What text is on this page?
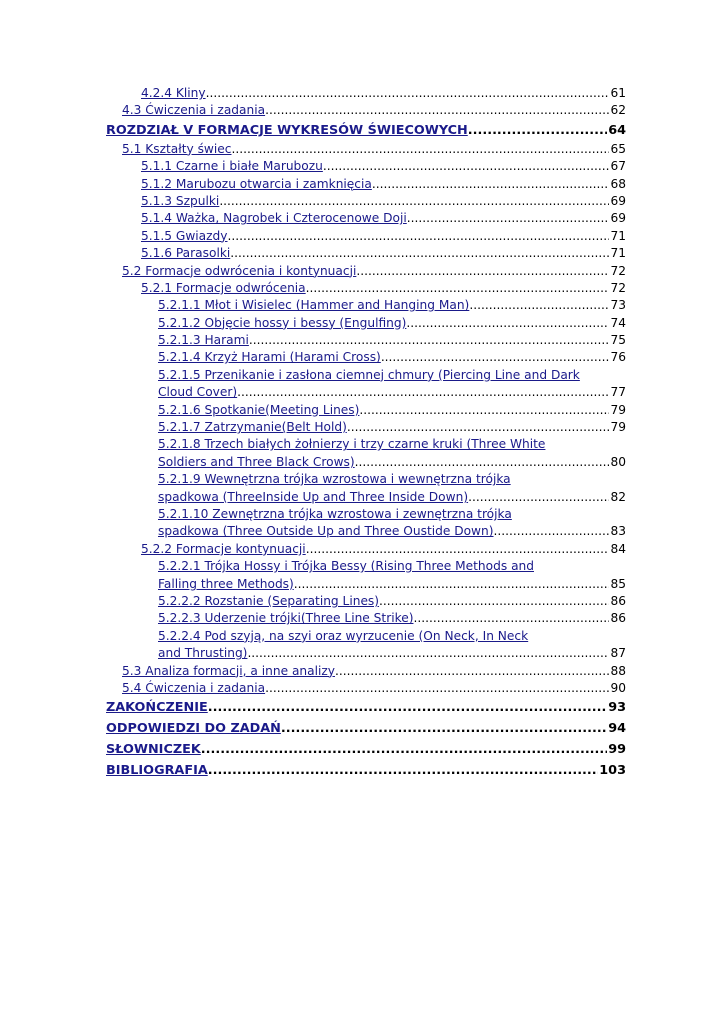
4.2.4 Kliny .....	61
4.3 Ćwiczenia i zadania .....	62
ROZDZIAŁ V FORMACJE WYKRESÓW ŚWIECOWYCH .....	64
5.1 Kształty świec .....	65
5.1.1 Czarne i białe Marubozu .....	67
5.1.2 Marubozu otwarcia i zamknięcia .....	68
5.1.3 Szpulki .....	69
5.1.4 Ważka, Nagrobek i Czterocenowe Doji .....	69
5.1.5 Gwiazdy .....	71
5.1.6 Parasolki .....	71
5.2 Formacje odwrócenia i kontynuacji .....	72
5.2.1 Formacje odwrócenia .....	72
5.2.1.1 Młot i Wisielec (Hammer and Hanging Man) .....	73
5.2.1.2 Objęcie hossy i bessy (Engulfing) .....	74
5.2.1.3 Harami .....	75
5.2.1.4 Krzyż Harami (Harami Cross) .....	76
5.2.1.5 Przenikanie i zasłona ciemnej chmury (Piercing Line and Dark
Cloud Cover) .....	77
5.2.1.6 Spotkanie(Meeting Lines) .....	79
5.2.1.7 Zatrzymanie(Belt Hold) .....	79
5.2.1.8 Trzech białych żołnierzy i trzy czarne kruki (Three White
Soldiers and Three Black Crows) .....	80
5.2.1.9 Wewnętrzna trójka wzrostowa i wewnętrzna trójka
spadkowa (ThreeInside Up and Three Inside Down) .....	82
5.2.1.10 Zewnętrzna trójka wzrostowa i zewnętrzna trójka
spadkowa (Three Outside Up and Three Oustide Down) .....	83
5.2.2 Formacje kontynuacji .....	84
5.2.2.1 Trójka Hossy i Trójka Bessy (Rising Three Methods and
Falling three Methods) .....	85
5.2.2.2 Rozstanie (Separating Lines) .....	86
5.2.2.3 Uderzenie trójki(Three Line Strike) .....	86
5.2.2.4 Pod szyją, na szyi oraz wyrzucenie (On Neck, In Neck
and Thrusting) .....	87
5.3 Analiza formacji, a inne analizy .....	88
5.4 Ćwiczenia i zadania .....	90
ZAKOŃCZENIE .....	93
ODPOWIEDZI DO ZADAŃ .....	94
SŁOWNICZEK .....	99
BIBLIOGRAFIA .....	103
